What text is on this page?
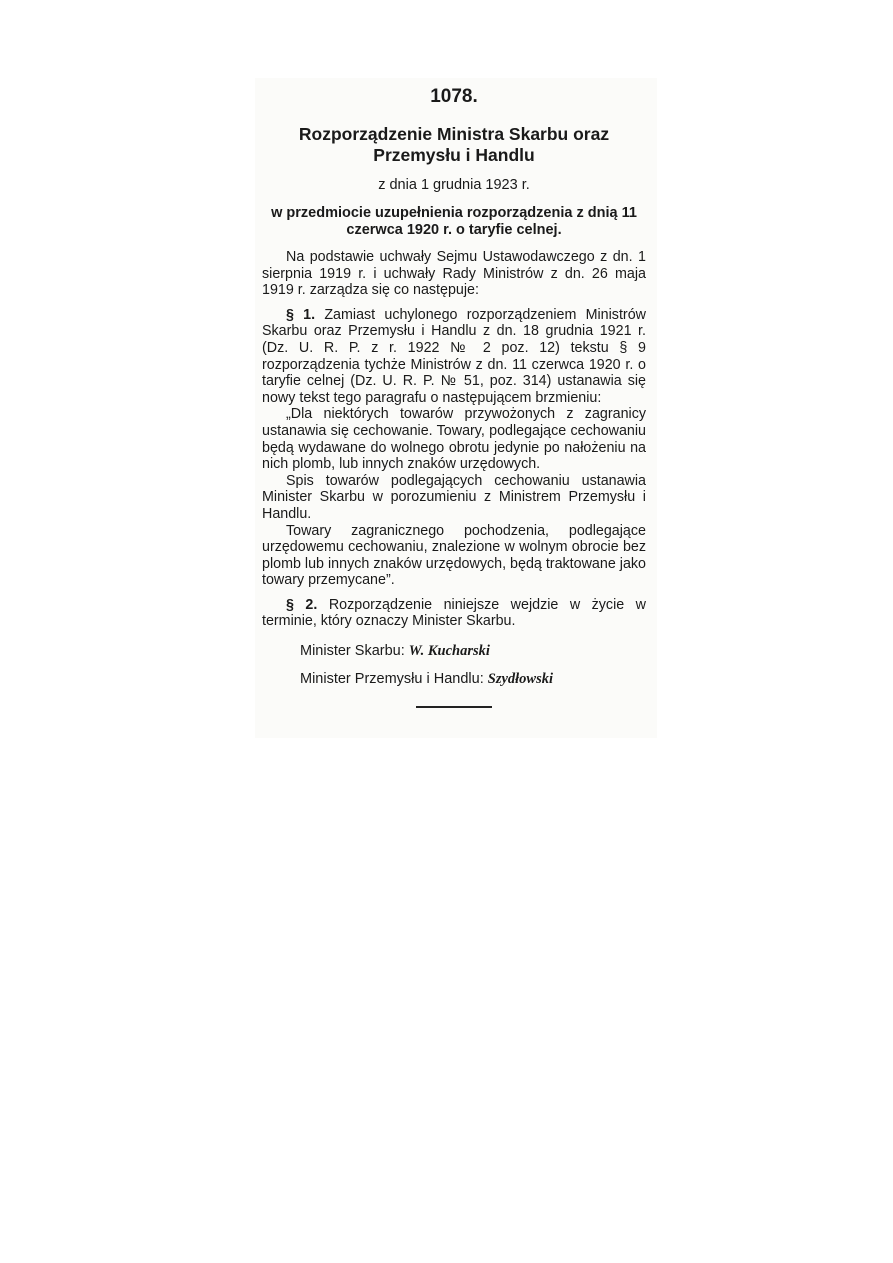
1078.
Rozporządzenie Ministra Skarbu oraz Przemysłu i Handlu
z dnia 1 grudnia 1923 r.
w przedmiocie uzupełnienia rozporządzenia z dnią 11 czerwca 1920 r. o taryfie celnej.

Na podstawie uchwały Sejmu Ustawodawczego z dn. 1 sierpnia 1919 r. i uchwały Rady Ministrów z dn. 26 maja 1919 r. zarządza się co następuje:

§ 1. Zamiast uchylonego rozporządzeniem Ministrów Skarbu oraz Przemysłu i Handlu z dn. 18 grudnia 1921 r. (Dz. U. R. P. z r. 1922 № 2 poz. 12) tekstu § 9 rozporządzenia tychże Ministrów z dn. 11 czerwca 1920 r. o taryfie celnej (Dz. U. R. P. № 51, poz. 314) ustanawia się nowy tekst tego paragrafu o następującem brzmieniu:

„Dla niektórych towarów przywożonych z zagranicy ustanawia się cechowanie. Towary, podlegające cechowaniu będą wydawane do wolnego obrotu jedynie po nałożeniu na nich plomb, lub innych znaków urzędowych.

Spis towarów podlegających cechowaniu ustanawia Minister Skarbu w porozumieniu z Ministrem Przemysłu i Handlu.

Towary zagranicznego pochodzenia, podlegające urzędowemu cechowaniu, znalezione w wolnym obrocie bez plomb lub innych znaków urzędowych, będą traktowane jako towary przemycane”.

§ 2. Rozporządzenie niniejsze wejdzie w życie w terminie, który oznaczy Minister Skarbu.

Minister Skarbu: W. Kucharski

Minister Przemysłu i Handlu: Szydłowski
